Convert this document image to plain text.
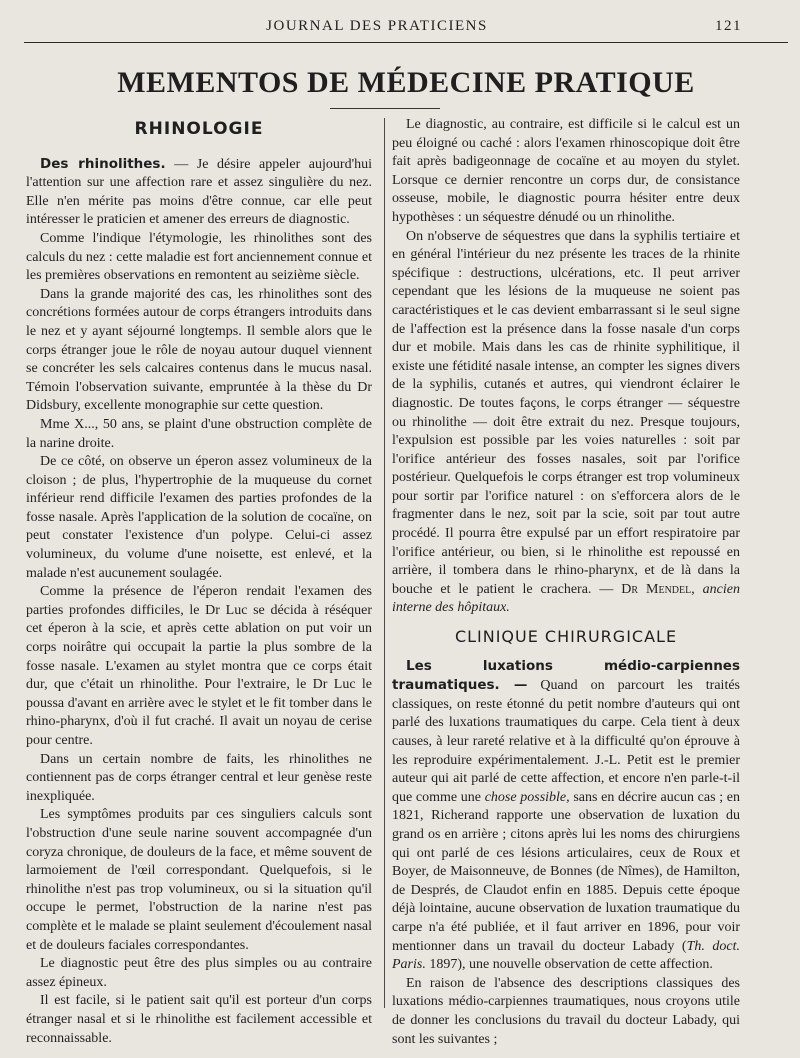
JOURNAL DES PRATICIENS	121
MEMENTOS DE MÉDECINE PRATIQUE
RHINOLOGIE

Des rhinolithes. — Je désire appeler aujourd'hui l'attention sur une affection rare et assez singulière du nez. Elle n'en mérite pas moins d'être connue, car elle peut intéresser le praticien et amener des erreurs de diagnostic.

Comme l'indique l'étymologie, les rhinolithes sont des calculs du nez : cette maladie est fort anciennement connue et les premières observations en remontent au seizième siècle.

Dans la grande majorité des cas, les rhinolithes sont des concrétions formées autour de corps étrangers introduits dans le nez et y ayant séjourné longtemps. Il semble alors que le corps étranger joue le rôle de noyau autour duquel viennent se concréter les sels calcaires contenus dans le mucus nasal. Témoin l'observation suivante, empruntée à la thèse du Dr Didsbury, excellente monographie sur cette question.

Mme X..., 50 ans, se plaint d'une obstruction complète de la narine droite.

De ce côté, on observe un éperon assez volumineux de la cloison ; de plus, l'hypertrophie de la muqueuse du cornet inférieur rend difficile l'examen des parties profondes de la fosse nasale. Après l'application de la solution de cocaïne, on peut constater l'existence d'un polype. Celui-ci assez volumineux, du volume d'une noisette, est enlevé, et la malade n'est aucunement soulagée.

Comme la présence de l'éperon rendait l'examen des parties profondes difficiles, le Dr Luc se décida à réséquer cet éperon à la scie, et après cette ablation on put voir un corps noirâtre qui occupait la partie la plus sombre de la fosse nasale. L'examen au stylet montra que ce corps était dur, que c'était un rhinolithe. Pour l'extraire, le Dr Luc le poussa d'avant en arrière avec le stylet et le fit tomber dans le rhino-pharynx, d'où il fut craché. Il avait un noyau de cerise pour centre.

Dans un certain nombre de faits, les rhinolithes ne contiennent pas de corps étranger central et leur genèse reste inexpliquée.

Les symptômes produits par ces singuliers calculs sont l'obstruction d'une seule narine souvent accompagnée d'un coryza chronique, de douleurs de la face, et même souvent de larmoiement de l'œil correspondant. Quelquefois, si le rhinolithe n'est pas trop volumineux, ou si la situation qu'il occupe le permet, l'obstruction de la narine n'est pas complète et le malade se plaint seulement d'écoulement nasal et de douleurs faciales correspondantes.

Le diagnostic peut être des plus simples ou au contraire assez épineux.

Il est facile, si le patient sait qu'il est porteur d'un corps étranger nasal et si le rhinolithe est facilement accessible et reconnaissable.

Le diagnostic, au contraire, est difficile si le calcul est un peu éloigné ou caché : alors l'examen rhinoscopique doit être fait après badigeonnage de cocaïne et au moyen du stylet. Lorsque ce dernier rencontre un corps dur, de consistance osseuse, mobile, le diagnostic pourra hésiter entre deux hypothèses : un séquestre dénudé ou un rhinolithe.

On n'observe de séquestres que dans la syphilis tertiaire et en général l'intérieur du nez présente les traces de la rhinite spécifique : destructions, ulcérations, etc. Il peut arriver cependant que les lésions de la muqueuse ne soient pas caractéristiques et le cas devient embarrassant si le seul signe de l'affection est la présence dans la fosse nasale d'un corps dur et mobile. Mais dans les cas de rhinite syphilitique, il existe une fétidité nasale intense, an compter les signes divers de la syphilis, cutanés et autres, qui viendront éclairer le diagnostic. De toutes façons, le corps étranger — séquestre ou rhinolithe — doit être extrait du nez. Presque toujours, l'expulsion est possible par les voies naturelles : soit par l'orifice antérieur des fosses nasales, soit par l'orifice postérieur. Quelquefois le corps étranger est trop volumineux pour sortir par l'orifice naturel : on s'efforcera alors de le fragmenter dans le nez, soit par la scie, soit par tout autre procédé. Il pourra être expulsé par un effort respiratoire par l'orifice antérieur, ou bien, si le rhinolithe est repoussé en arrière, il tombera dans le rhino-pharynx, et de là dans la bouche et le patient le crachera. — Dr Mendel, ancien interne des hôpitaux.

CLINIQUE CHIRURGICALE

Les luxations médio-carpiennes traumatiques. — Quand on parcourt les traités classiques, on reste étonné du petit nombre d'auteurs qui ont parlé des luxations traumatiques du carpe. Cela tient à deux causes, à leur rareté relative et à la difficulté qu'on éprouve à les reproduire expérimentalement. J.-L. Petit est le premier auteur qui ait parlé de cette affection, et encore n'en parle-t-il que comme une chose possible, sans en décrire aucun cas ; en 1821, Richerand rapporte une observation de luxation du grand os en arrière ; citons après lui les noms des chirurgiens qui ont parlé de ces lésions articulaires, ceux de Roux et Boyer, de Maisonneuve, de Bonnes (de Nîmes), de Hamilton, de Després, de Claudot enfin en 1885. Depuis cette époque déjà lointaine, aucune observation de luxation traumatique du carpe n'a été publiée, et il faut arriver en 1896, pour voir mentionner dans un travail du docteur Labady (Th. doct. Paris. 1897), une nouvelle observation de cette affection.

En raison de l'absence des descriptions classiques des luxations médio-carpiennes traumatiques, nous croyons utile de donner les conclusions du travail du docteur Labady, qui sont les suivantes ;
